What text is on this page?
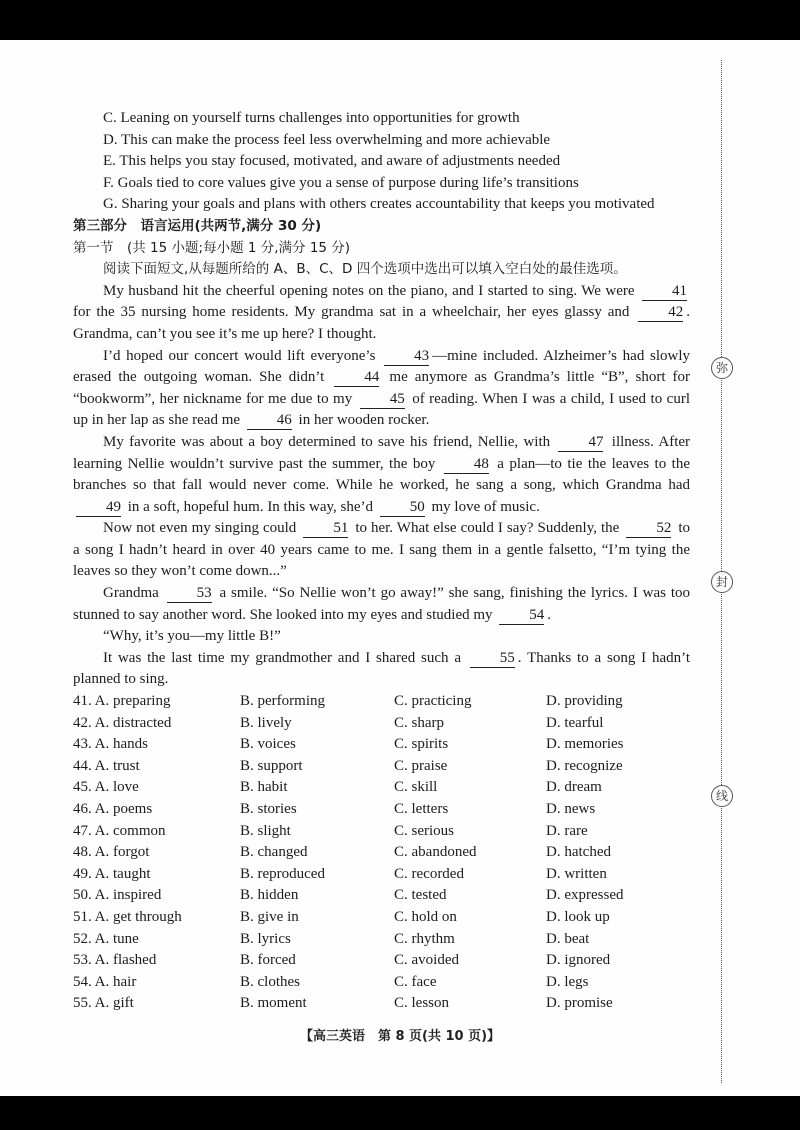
弥
封
线
C. Leaning on yourself turns challenges into opportunities for growth
D. This can make the process feel less overwhelming and more achievable
E. This helps you stay focused, motivated, and aware of adjustments needed
F. Goals tied to core values give you a sense of purpose during life’s transitions
G. Sharing your goals and plans with others creates accountability that keeps you motivated
第三部分　语言运用(共两节,满分 30 分)
第一节　(共 15 小题;每小题 1 分,满分 15 分)
阅读下面短文,从每题所给的 A、B、C、D 四个选项中选出可以填入空白处的最佳选项。

My husband hit the cheerful opening notes on the piano, and I started to sing. We were 41 for the 35 nursing home residents. My grandma sat in a wheelchair, her eyes glassy and	42 . Grandma, can’t you see it’s me up here? I thought.

I’d hoped our concert would lift everyone’s	43 —mine included. Alzheimer’s had slowly erased the outgoing woman. She didn’t	44 me anymore as Grandma’s little “B”, short for “bookworm”, her nickname for me due to my 45 of reading. When I was a child, I used to curl up in her lap as she read me 46 in her wooden rocker.

My favorite was about a boy determined to save his friend, Nellie, with	47 illness. After learning Nellie wouldn’t survive past the summer, the boy	48 a plan—to tie the leaves to the branches so that fall would never come. While he worked, he sang a song, which Grandma had 49 in a soft, hopeful hum. In this way, she’d 50 my love of music.

Now not even my singing could 51 to her. What else could I say? Suddenly, the 52 to a song I hadn’t heard in over 40 years came to me. I sang them in a gentle falsetto, “I’m tying the leaves so they won’t come down...”

Grandma	53 a smile. “So Nellie won’t go away!” she sang, finishing the lyrics. I was too stunned to say another word. She looked into my eyes and studied my 54 .

“Why, it’s you—my little B!”

It was the last time my grandmother and I shared such a	55 . Thanks to a song I hadn’t planned to sing.

41. A. preparing	B. performing	C. practicing	D. providing
42. A. distracted	B. lively	C. sharp	D. tearful
43. A. hands	B. voices	C. spirits	D. memories
44. A. trust	B. support	C. praise	D. recognize
45. A. love	B. habit	C. skill	D. dream
46. A. poems	B. stories	C. letters	D. news
47. A. common	B. slight	C. serious	D. rare
48. A. forgot	B. changed	C. abandoned	D. hatched
49. A. taught	B. reproduced	C. recorded	D. written
50. A. inspired	B. hidden	C. tested	D. expressed
51. A. get through	B. give in	C. hold on	D. look up
52. A. tune	B. lyrics	C. rhythm	D. beat
53. A. flashed	B. forced	C. avoided	D. ignored
54. A. hair	B. clothes	C. face	D. legs
55. A. gift	B. moment	C. lesson	D. promise
【高三英语　第 8 页(共 10 页)】
